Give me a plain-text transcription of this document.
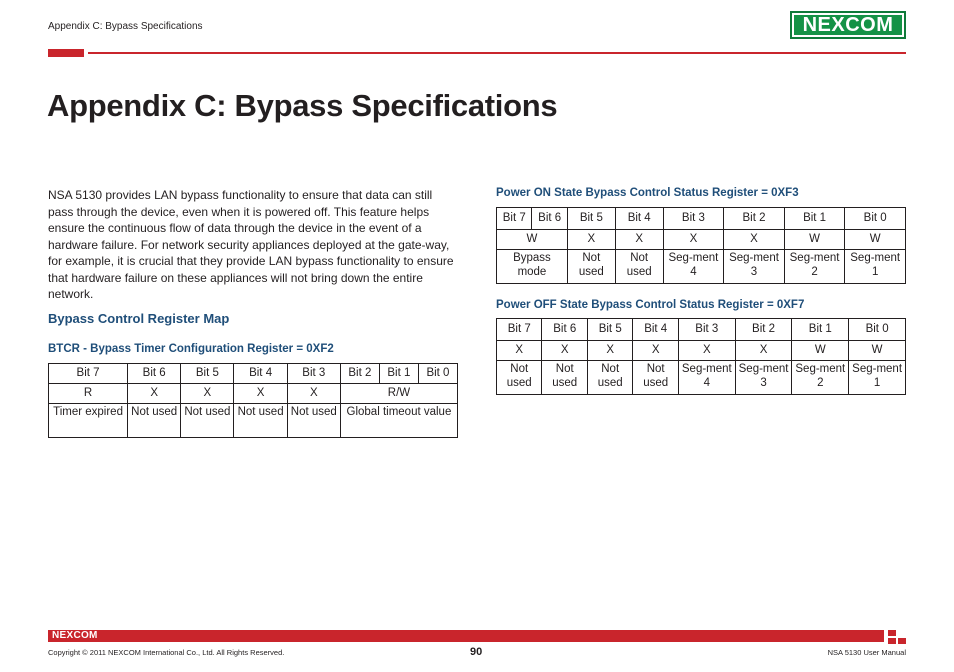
Appendix C: Bypass Specifications	NEXCOM
Appendix C: Bypass Specifications

NSA 5130 provides LAN bypass functionality to ensure that data can still pass through the device, even when it is powered off. This feature helps ensure the continuous flow of data through the device in the event of a hardware failure. For network security appliances deployed at the gate-way, for example, it is crucial that they provide LAN bypass functionality to ensure that hardware failure on these appliances will not bring down the entire network.

Bypass Control Register Map
BTCR - Bypass Timer Configuration Register = 0XF2
Bit 7	Bit 6	Bit 5	Bit 4	Bit 3	Bit 2	Bit 1	Bit 0
R	X	X	X	X	R/W		
Timer expired	Not used	Not used	Not used	Not used	Global timeout value		
Power ON State Bypass Control Status Register = 0XF3
Bit 7	Bit 6	Bit 5	Bit 4	Bit 3	Bit 2	Bit 1	Bit 0
W		X	X	X	X	W	W
Bypass mode		Not used	Not used	Seg-ment 4	Seg-ment 3	Seg-ment 2	Seg-ment 1
Power OFF State Bypass Control Status Register = 0XF7
Bit 7	Bit 6	Bit 5	Bit 4	Bit 3	Bit 2	Bit 1	Bit 0
X	X	X	X	X	X	W	W
Not used	Not used	Not used	Not used	Seg-ment 4	Seg-ment 3	Seg-ment 2	Seg-ment 1
NEXCOM
Copyright © 2011 NEXCOM International Co., Ltd. All Rights Reserved.	90	NSA 5130 User Manual
